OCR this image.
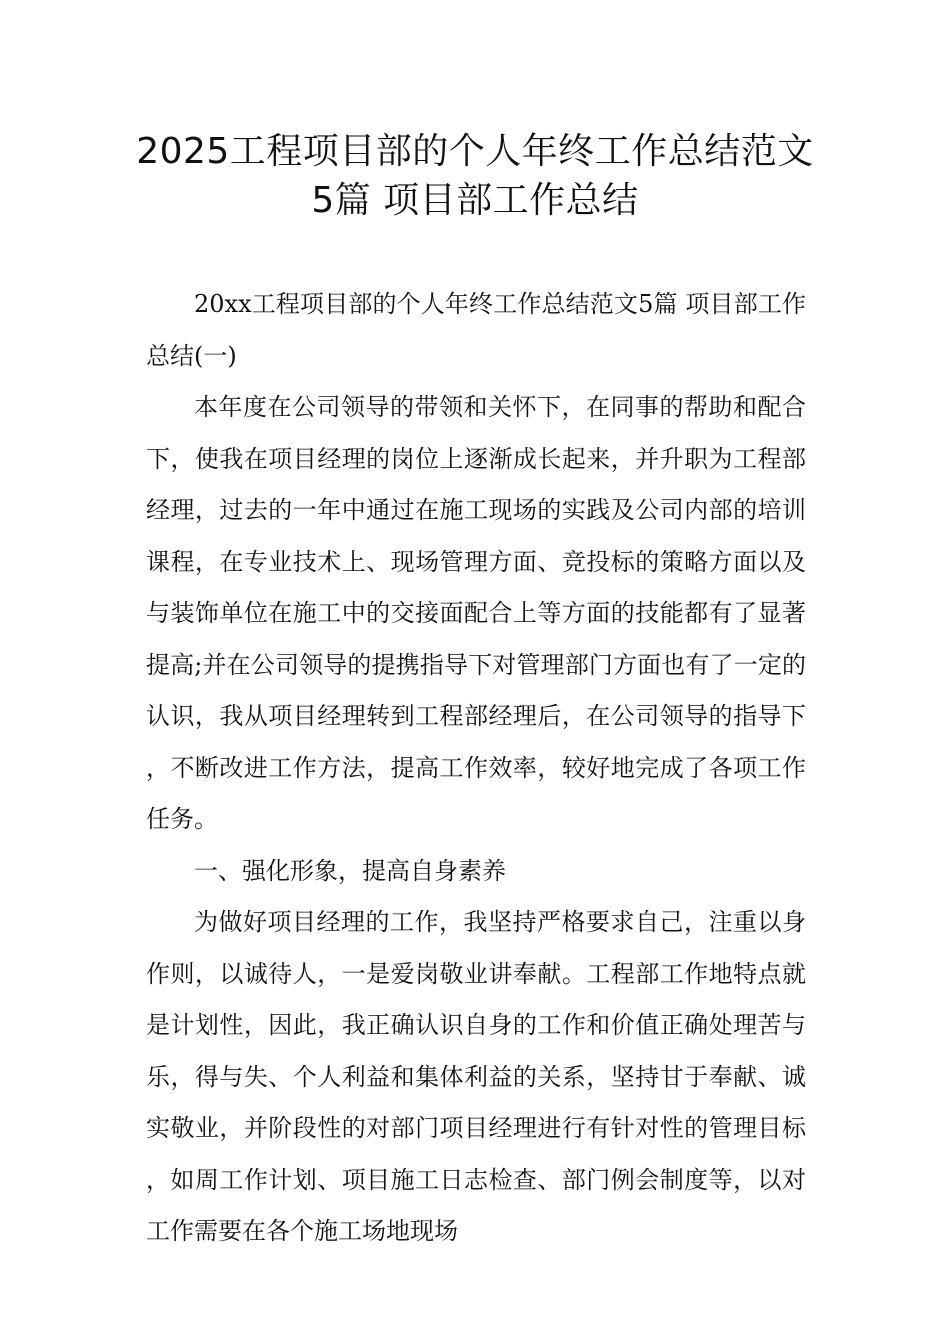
2025工程项目部的个人年终工作总结范文
5篇 项目部工作总结

20xx工程项目部的个人年终工作总结范文5篇 项目部工作总结(一)

本年度在公司领导的带领和关怀下，在同事的帮助和配合下，使我在项目经理的岗位上逐渐成长起来，并升职为工程部经理，过去的一年中通过在施工现场的实践及公司内部的培训课程，在专业技术上、现场管理方面、竞投标的策略方面以及与装饰单位在施工中的交接面配合上等方面的技能都有了显著提高;并在公司领导的提携指导下对管理部门方面也有了一定的认识，我从项目经理转到工程部经理后，在公司领导的指导下，不断改进工作方法，提高工作效率，较好地完成了各项工作任务。

一、强化形象，提高自身素养

为做好项目经理的工作，我坚持严格要求自己，注重以身作则，以诚待人，一是爱岗敬业讲奉献。工程部工作地特点就是计划性，因此，我正确认识自身的工作和价值正确处理苦与乐，得与失、个人利益和集体利益的关系，坚持甘于奉献、诚实敬业，并阶段性的对部门项目经理进行有针对性的管理目标，如周工作计划、项目施工日志检查、部门例会制度等，以对工作需要在各个施工场地现场
